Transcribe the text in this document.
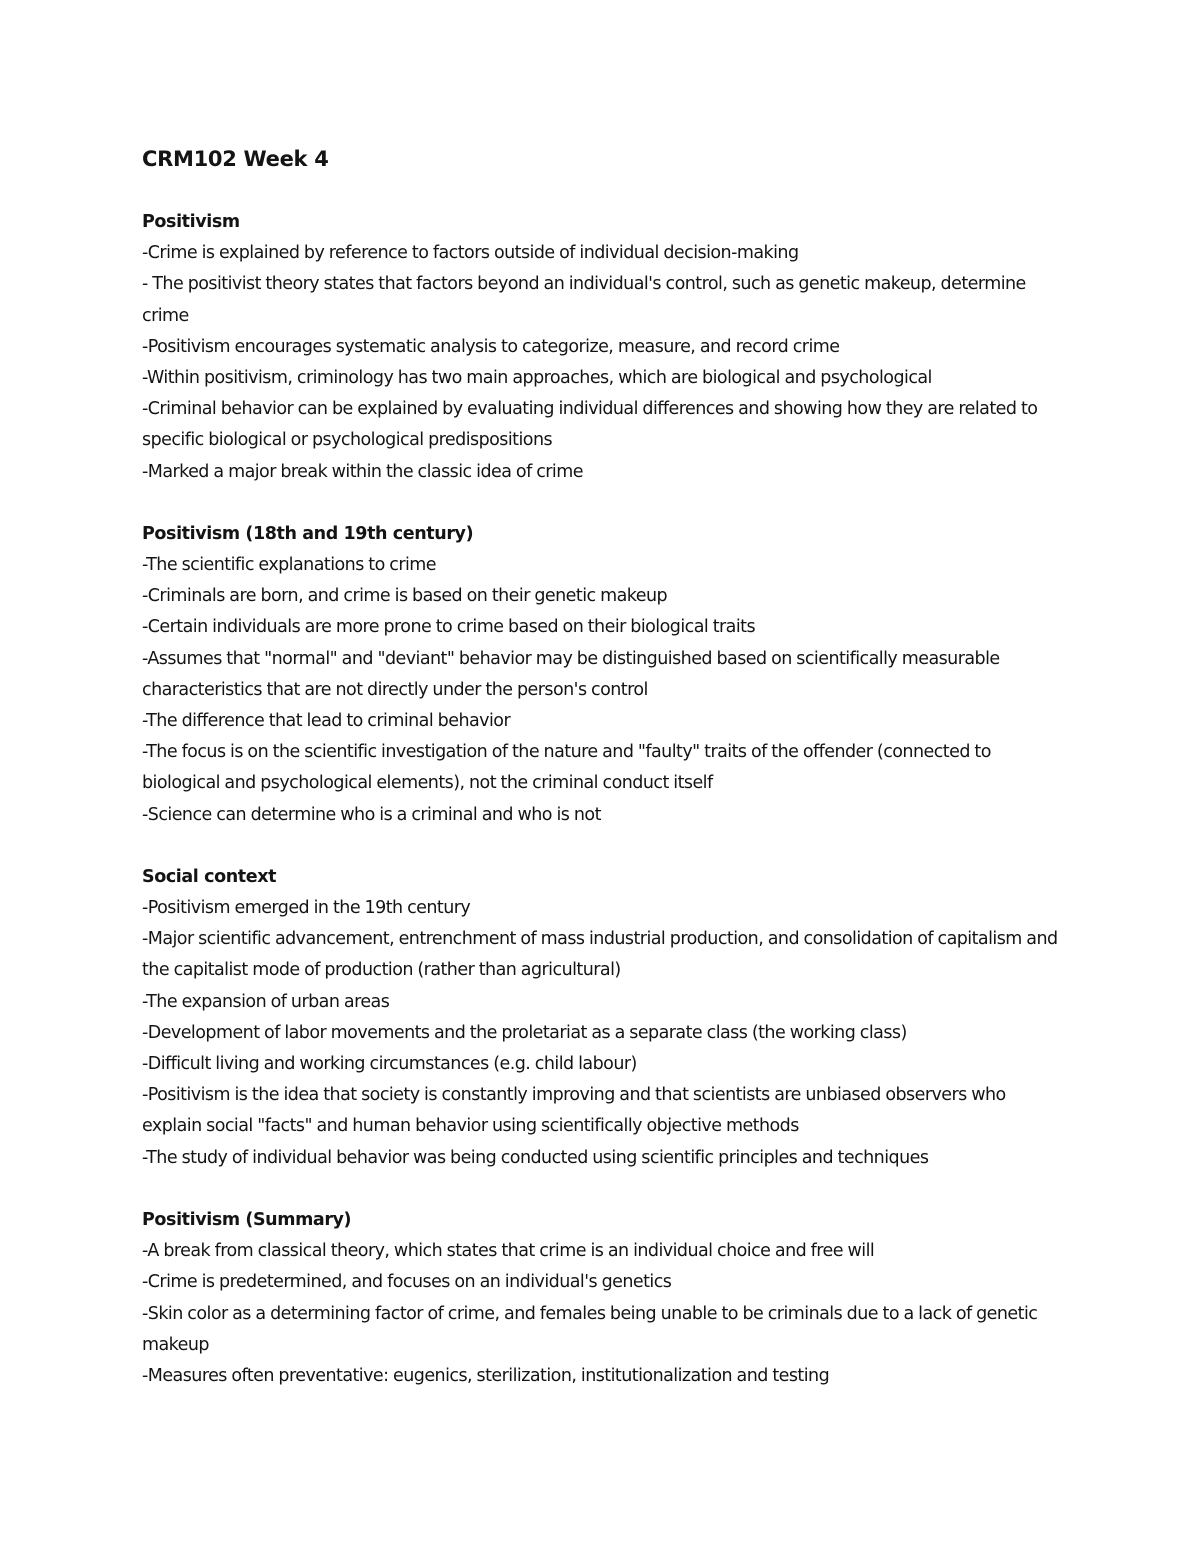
CRM102 Week 4
Positivism

-Crime is explained by reference to factors outside of individual decision-making

- The positivist theory states that factors beyond an individual's control, such as genetic makeup, determine crime

-Positivism encourages systematic analysis to categorize, measure, and record crime

-Within positivism, criminology has two main approaches, which are biological and psychological

-Criminal behavior can be explained by evaluating individual differences and showing how they are related to specific biological or psychological predispositions

-Marked a major break within the classic idea of crime

Positivism (18th and 19th century)

-The scientific explanations to crime

-Criminals are born, and crime is based on their genetic makeup

-Certain individuals are more prone to crime based on their biological traits

-Assumes that "normal" and "deviant" behavior may be distinguished based on scientifically measurable characteristics that are not directly under the person's control

-The difference that lead to criminal behavior

-The focus is on the scientific investigation of the nature and "faulty" traits of the offender (connected to biological and psychological elements), not the criminal conduct itself

-Science can determine who is a criminal and who is not

Social context

-Positivism emerged in the 19th century

-Major scientific advancement, entrenchment of mass industrial production, and consolidation of capitalism and the capitalist mode of production (rather than agricultural)

-The expansion of urban areas

-Development of labor movements and the proletariat as a separate class (the working class)

-Difficult living and working circumstances (e.g. child labour)

-Positivism is the idea that society is constantly improving and that scientists are unbiased observers who explain social "facts" and human behavior using scientifically objective methods

-The study of individual behavior was being conducted using scientific principles and techniques

Positivism (Summary)

-A break from classical theory, which states that crime is an individual choice and free will

-Crime is predetermined, and focuses on an individual's genetics

-Skin color as a determining factor of crime, and females being unable to be criminals due to a lack of genetic makeup

-Measures often preventative: eugenics, sterilization, institutionalization and testing
